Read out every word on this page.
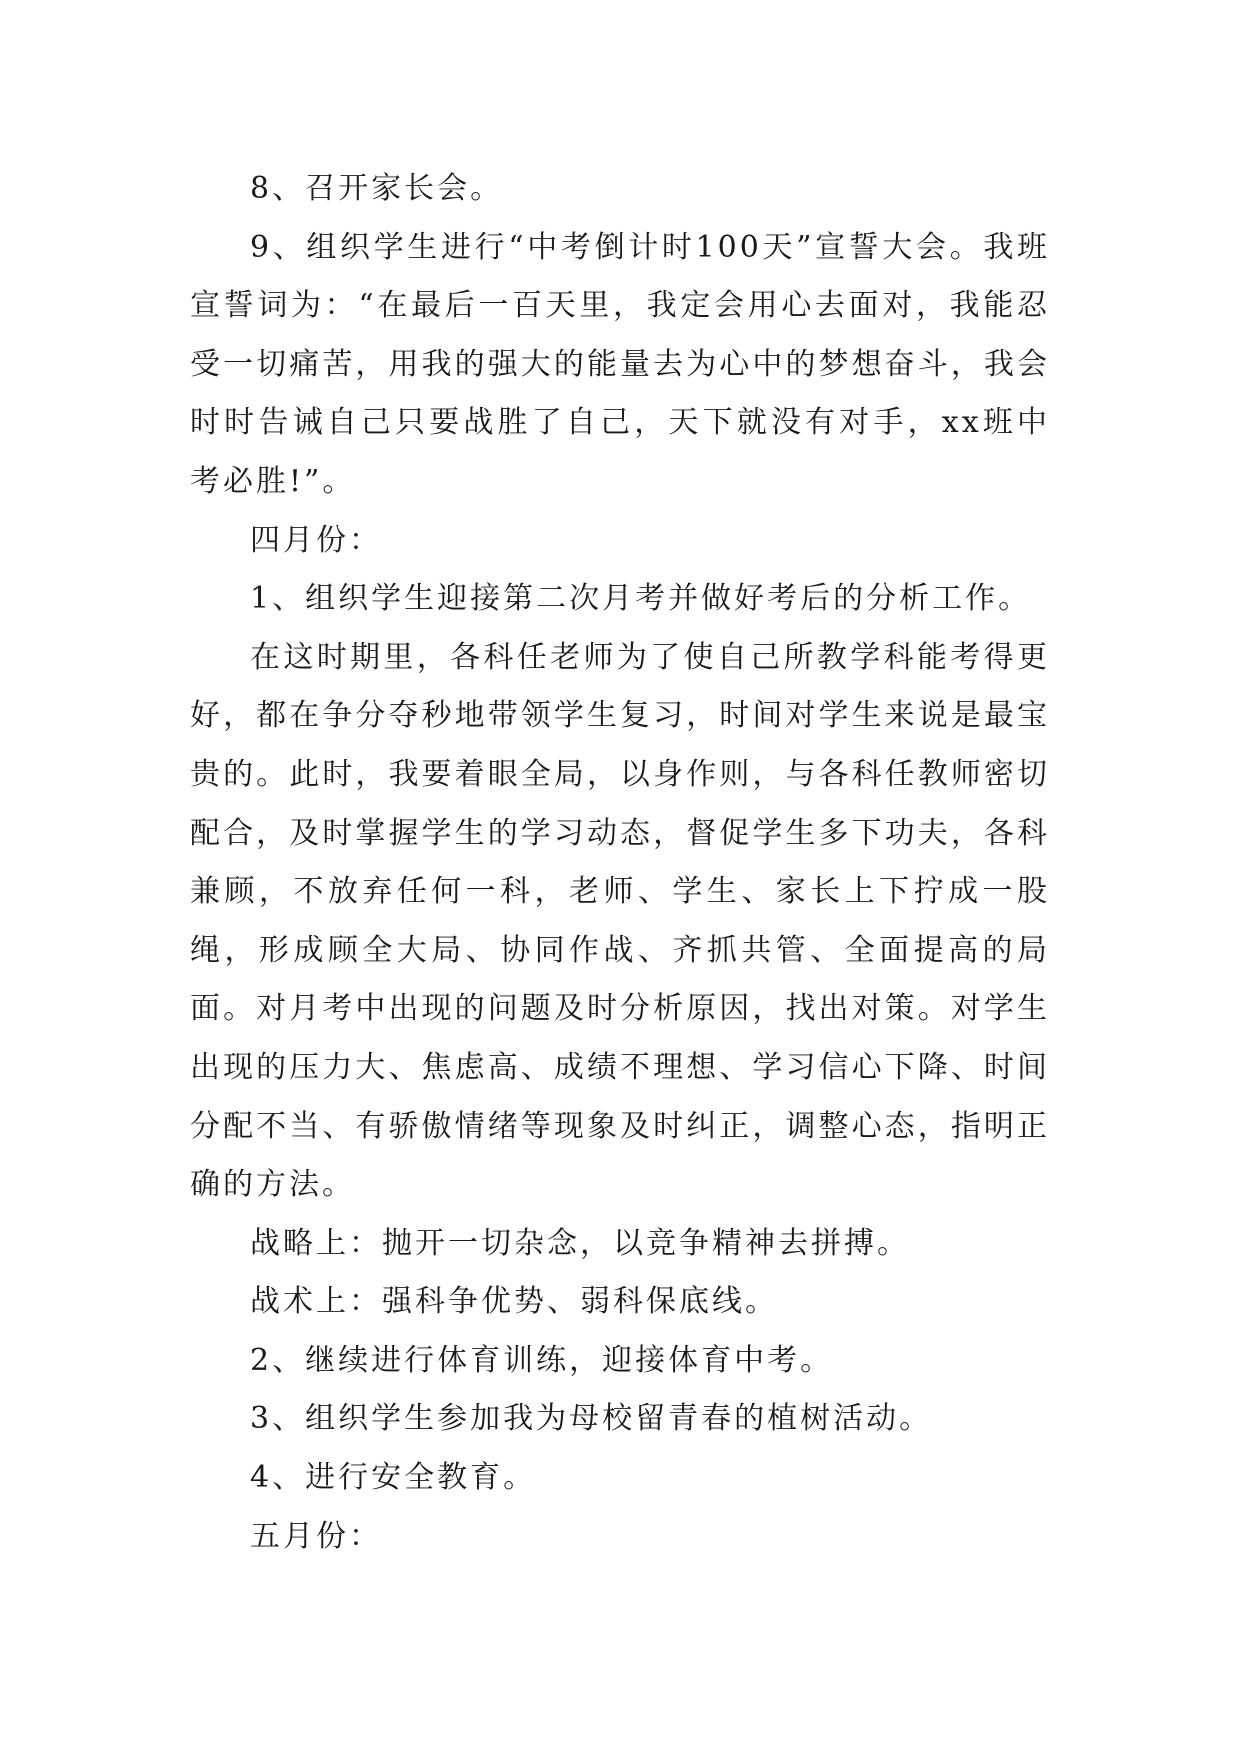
8、召开家长会。

9、组织学生进行“中考倒计时100天”宣誓大会。我班宣誓词为：“在最后一百天里，我定会用心去面对，我能忍受一切痛苦，用我的强大的能量去为心中的梦想奋斗，我会时时告诫自己只要战胜了自己，天下就没有对手，xx班中考必胜!”。

四月份：

1、组织学生迎接第二次月考并做好考后的分析工作。

在这时期里，各科任老师为了使自己所教学科能考得更好，都在争分夺秒地带领学生复习，时间对学生来说是最宝贵的。此时，我要着眼全局，以身作则，与各科任教师密切配合，及时掌握学生的学习动态，督促学生多下功夫，各科兼顾，不放弃任何一科，老师、学生、家长上下拧成一股绳，形成顾全大局、协同作战、齐抓共管、全面提高的局面。对月考中出现的问题及时分析原因，找出对策。对学生出现的压力大、焦虑高、成绩不理想、学习信心下降、时间分配不当、有骄傲情绪等现象及时纠正，调整心态，指明正确的方法。

战略上：抛开一切杂念，以竞争精神去拼搏。

战术上：强科争优势、弱科保底线。

2、继续进行体育训练，迎接体育中考。

3、组织学生参加我为母校留青春的植树活动。

4、进行安全教育。

五月份：
